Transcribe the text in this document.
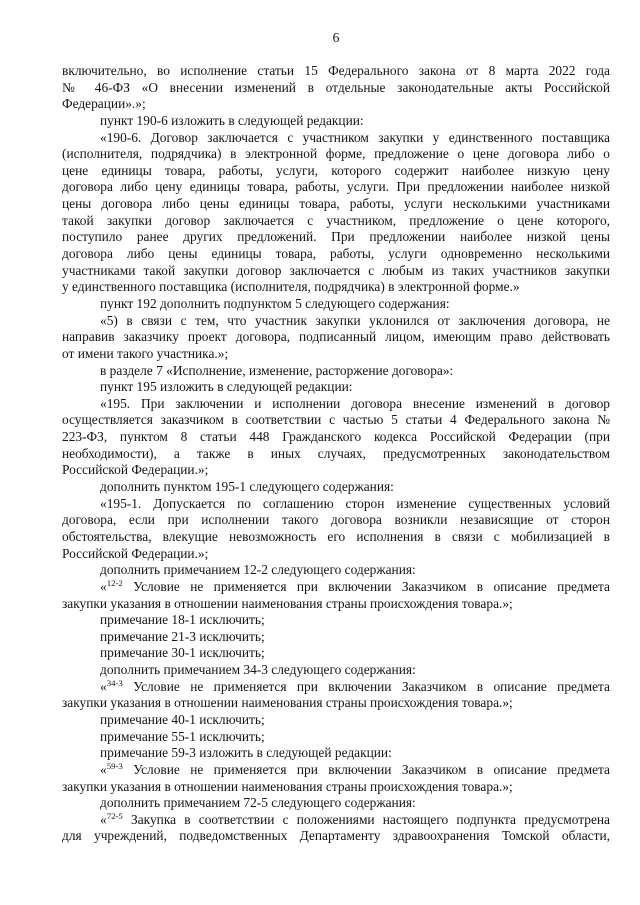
6
включительно, во исполнение статьи 15 Федерального закона от 8 марта 2022 года
№ 46-ФЗ «О внесении изменений в отдельные законодательные акты Российской
Федерации».»;
пункт 190-6 изложить в следующей редакции:
«190-6. Договор заключается с участником закупки у единственного поставщика
(исполнителя, подрядчика) в электронной форме, предложение о цене договора либо о
цене единицы товара, работы, услуги, которого содержит наиболее низкую цену
договора либо цену единицы товара, работы, услуги. При предложении наиболее низкой
цены договора либо цены единицы товара, работы, услуги несколькими участниками
такой закупки договор заключается с участником, предложение о цене которого,
поступило ранее других предложений. При предложении наиболее низкой цены
договора либо цены единицы товара, работы, услуги одновременно несколькими
участниками такой закупки договор заключается с любым из таких участников закупки
у единственного поставщика (исполнителя, подрядчика) в электронной форме.»
пункт 192 дополнить подпунктом 5 следующего содержания:
«5) в связи с тем, что участник закупки уклонился от заключения договора, не
направив заказчику проект договора, подписанный лицом, имеющим право действовать
от имени такого участника.»;
в разделе 7 «Исполнение, изменение, расторжение договора»:
пункт 195 изложить в следующей редакции:
«195. При заключении и исполнении договора внесение изменений в договор
осуществляется заказчиком в соответствии с частью 5 статьи 4 Федерального закона №
223-ФЗ, пунктом 8 статьи 448 Гражданского кодекса Российской Федерации (при
необходимости), а также в иных случаях, предусмотренных законодательством
Российской Федерации.»;
дополнить пунктом 195-1 следующего содержания:
«195-1. Допускается по соглашению сторон изменение существенных условий
договора, если при исполнении такого договора возникли независящие от сторон
обстоятельства, влекущие невозможность его исполнения в связи с мобилизацией в
Российской Федерации.»;
дополнить примечанием 12-2 следующего содержания:
«$^{12-2}$ Условие не применяется при включении Заказчиком в описание предмета
закупки указания в отношении наименования страны происхождения товара.»;
примечание 18-1 исключить;
примечание 21-3 исключить;
примечание 30-1 исключить;
дополнить примечанием 34-3 следующего содержания:
«$^{34-3}$ Условие не применяется при включении Заказчиком в описание предмета
закупки указания в отношении наименования страны происхождения товара.»;
примечание 40-1 исключить;
примечание 55-1 исключить;
примечание 59-3 изложить в следующей редакции:
«$^{59-3}$ Условие не применяется при включении Заказчиком в описание предмета
закупки указания в отношении наименования страны происхождения товара.»;
дополнить примечанием 72-5 следующего содержания:
«$^{72-5}$ Закупка в соответствии с положениями настоящего подпункта предусмотрена
для учреждений, подведомственных Департаменту здравоохранения Томской области,
